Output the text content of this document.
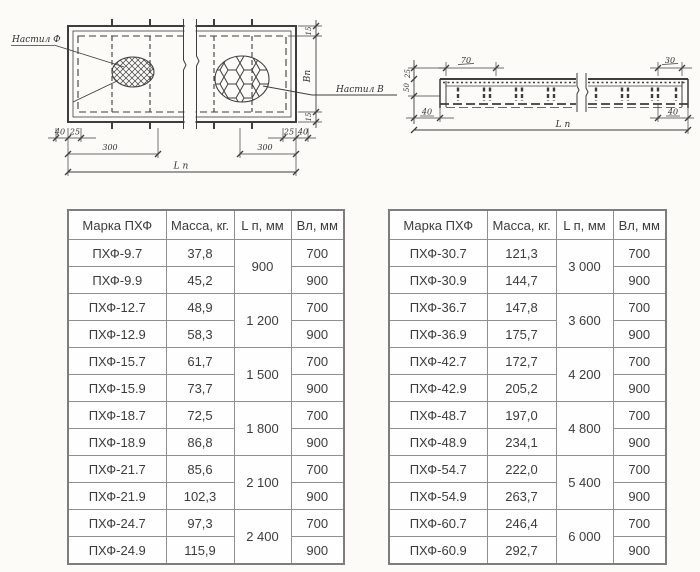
Настил Ф
Настил В
15
15
Вп
40 25	25 40
300	300
L п
70	30
25
50
40	40
L п
Марка ПХФ	Масса, кг.	L п, мм	Вл, мм
ПХФ-9.7	37,8	900	700
ПХФ-9.9	45,2		900
ПХФ-12.7	48,9	1 200	700
ПХФ-12.9	58,3		900
ПХФ-15.7	61,7	1 500	700
ПХФ-15.9	73,7		900
ПХФ-18.7	72,5	1 800	700
ПХФ-18.9	86,8		900
ПХФ-21.7	85,6	2 100	700
ПХФ-21.9	102,3		900
ПХФ-24.7	97,3	2 400	700
ПХФ-24.9	115,9		900
Марка ПХФ	Масса, кг.	L п, мм	Вл, мм
ПХФ-30.7	121,3	3 000	700
ПХФ-30.9	144,7		900
ПХФ-36.7	147,8	3 600	700
ПХФ-36.9	175,7		900
ПХФ-42.7	172,7	4 200	700
ПХФ-42.9	205,2		900
ПХФ-48.7	197,0	4 800	700
ПХФ-48.9	234,1		900
ПХФ-54.7	222,0	5 400	700
ПХФ-54.9	263,7		900
ПХФ-60.7	246,4	6 000	700
ПХФ-60.9	292,7		900
